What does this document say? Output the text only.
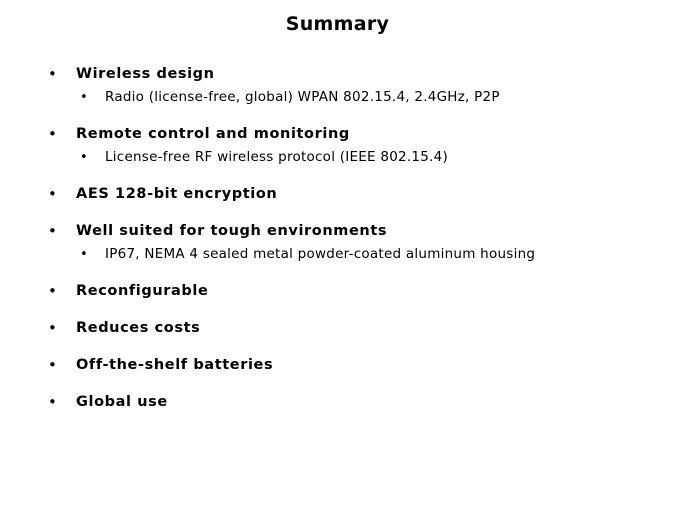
Summary
• Wireless design
• Radio (license-free, global) WPAN 802.15.4, 2.4GHz, P2P
• Remote control and monitoring
• License-free RF wireless protocol (IEEE 802.15.4)
• AES 128-bit encryption
• Well suited for tough environments
• IP67, NEMA 4 sealed metal powder-coated aluminum housing
• Reconfigurable
• Reduces costs
• Off-the-shelf batteries
• Global use
